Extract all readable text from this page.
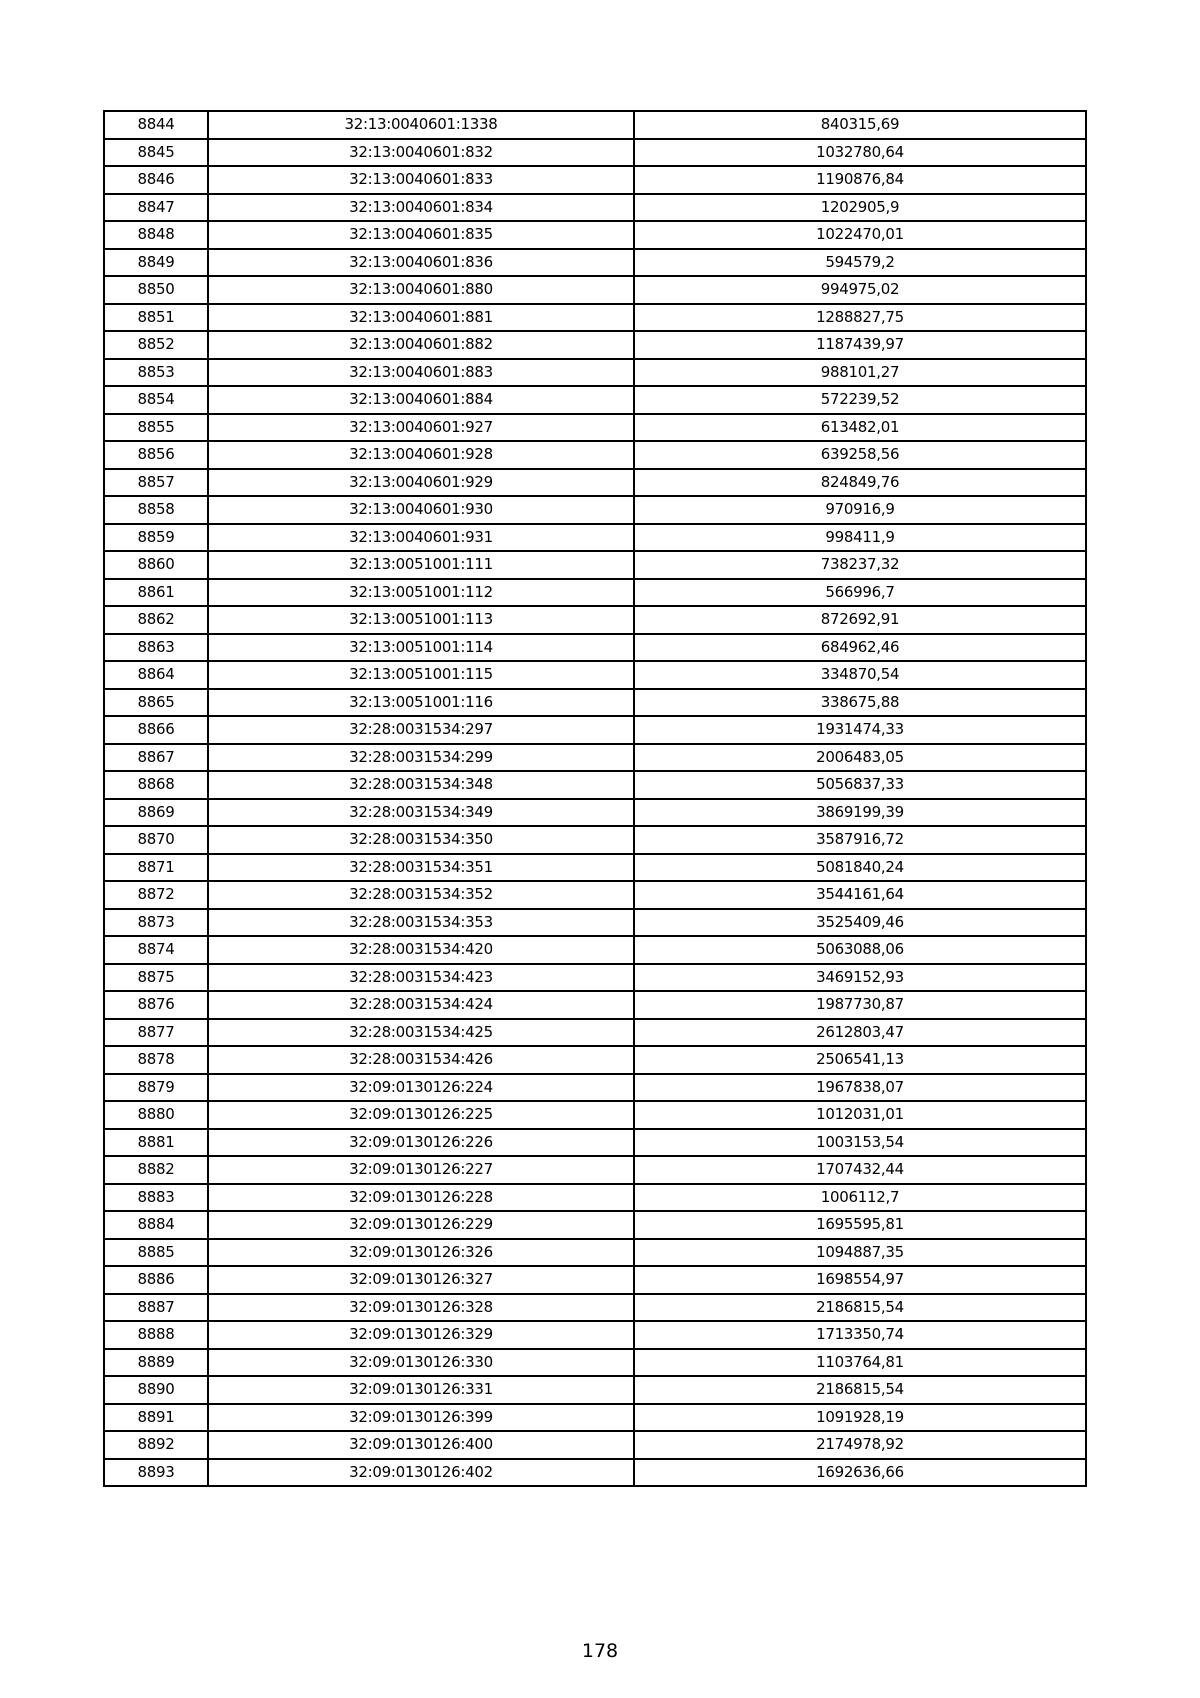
8844	32:13:0040601:1338	840315,69
8845	32:13:0040601:832	1032780,64
8846	32:13:0040601:833	1190876,84
8847	32:13:0040601:834	1202905,9
8848	32:13:0040601:835	1022470,01
8849	32:13:0040601:836	594579,2
8850	32:13:0040601:880	994975,02
8851	32:13:0040601:881	1288827,75
8852	32:13:0040601:882	1187439,97
8853	32:13:0040601:883	988101,27
8854	32:13:0040601:884	572239,52
8855	32:13:0040601:927	613482,01
8856	32:13:0040601:928	639258,56
8857	32:13:0040601:929	824849,76
8858	32:13:0040601:930	970916,9
8859	32:13:0040601:931	998411,9
8860	32:13:0051001:111	738237,32
8861	32:13:0051001:112	566996,7
8862	32:13:0051001:113	872692,91
8863	32:13:0051001:114	684962,46
8864	32:13:0051001:115	334870,54
8865	32:13:0051001:116	338675,88
8866	32:28:0031534:297	1931474,33
8867	32:28:0031534:299	2006483,05
8868	32:28:0031534:348	5056837,33
8869	32:28:0031534:349	3869199,39
8870	32:28:0031534:350	3587916,72
8871	32:28:0031534:351	5081840,24
8872	32:28:0031534:352	3544161,64
8873	32:28:0031534:353	3525409,46
8874	32:28:0031534:420	5063088,06
8875	32:28:0031534:423	3469152,93
8876	32:28:0031534:424	1987730,87
8877	32:28:0031534:425	2612803,47
8878	32:28:0031534:426	2506541,13
8879	32:09:0130126:224	1967838,07
8880	32:09:0130126:225	1012031,01
8881	32:09:0130126:226	1003153,54
8882	32:09:0130126:227	1707432,44
8883	32:09:0130126:228	1006112,7
8884	32:09:0130126:229	1695595,81
8885	32:09:0130126:326	1094887,35
8886	32:09:0130126:327	1698554,97
8887	32:09:0130126:328	2186815,54
8888	32:09:0130126:329	1713350,74
8889	32:09:0130126:330	1103764,81
8890	32:09:0130126:331	2186815,54
8891	32:09:0130126:399	1091928,19
8892	32:09:0130126:400	2174978,92
8893	32:09:0130126:402	1692636,66
178
